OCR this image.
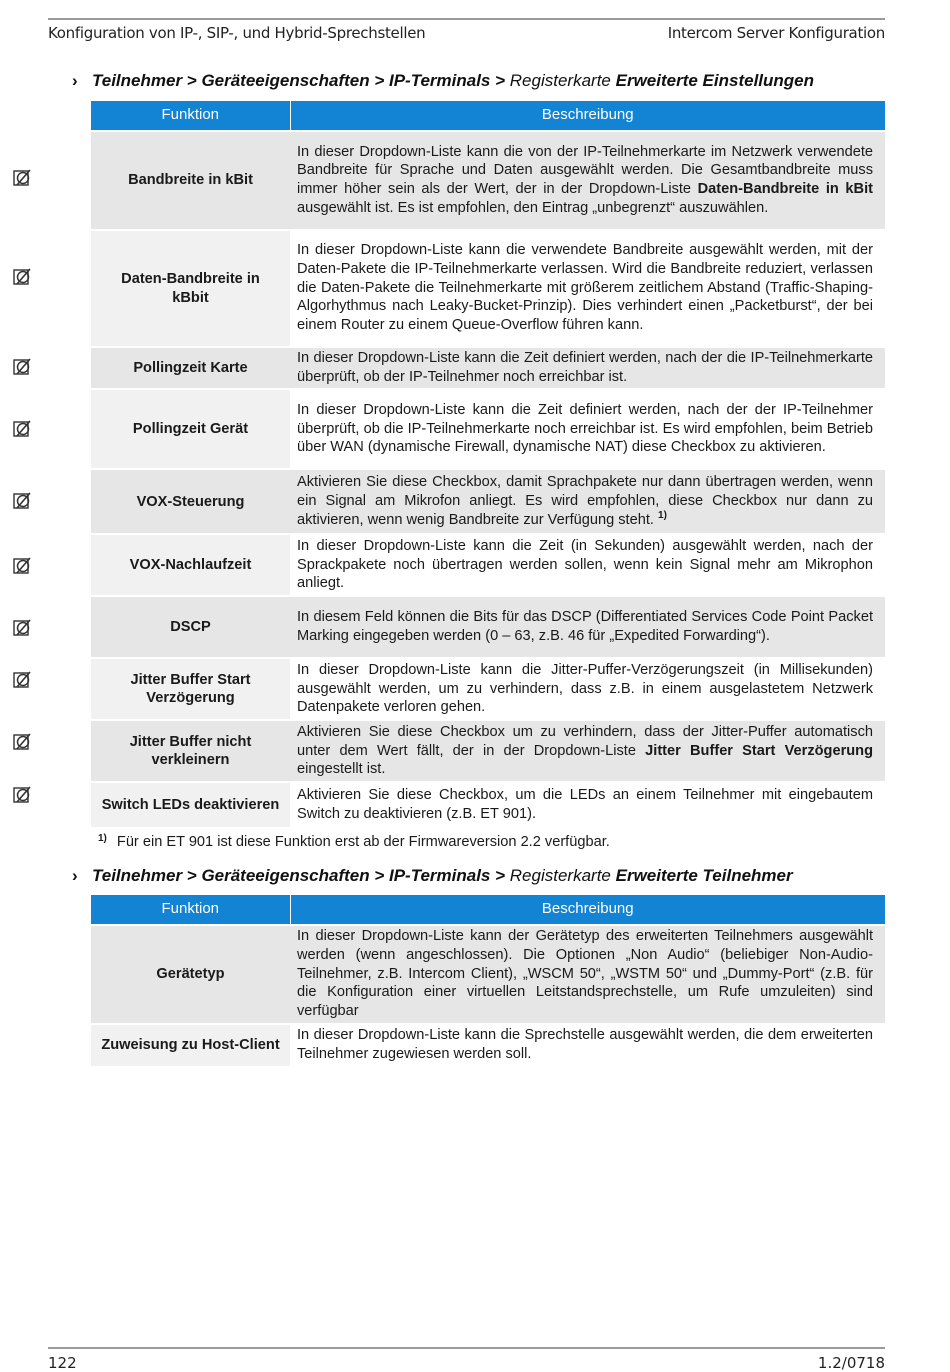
Konfiguration von IP-, SIP-, und Hybrid-Sprechstellen	Intercom Server Konfiguration
› Teilnehmer > Geräteeigenschaften > IP-Terminals > Registerkarte Erweiterte Einstellungen
Funktion	Beschreibung
Bandbreite in kBit	In dieser Dropdown-Liste kann die von der IP-Teilnehmerkarte im Netzwerk verwendete Bandbreite für Sprache und Daten ausgewählt werden. Die Gesamtbandbreite muss immer höher sein als der Wert, der in der Dropdown-Liste Daten-Bandbreite in kBit ausgewählt ist. Es ist empfohlen, den Eintrag „unbegrenzt“ auszuwählen.
Daten-Bandbreite in kBbit	In dieser Dropdown-Liste kann die verwendete Bandbreite ausgewählt werden, mit der Daten-Pakete die IP-Teilnehmerkarte verlassen. Wird die Bandbreite reduziert, verlassen die Daten-Pakete die Teilnehmerkarte mit größerem zeitlichem Abstand (Traffic-Shaping-Algorhythmus nach Leaky-Bucket-Prinzip). Dies verhindert einen „Packetburst“, der bei einem Router zu einem Queue-Overflow führen kann.
Pollingzeit Karte	In dieser Dropdown-Liste kann die Zeit definiert werden, nach der die IP-Teilnehmerkarte überprüft, ob der IP-Teilnehmer noch erreichbar ist.
Pollingzeit Gerät	In dieser Dropdown-Liste kann die Zeit definiert werden, nach der der IP-Teilnehmer überprüft, ob die IP-Teilnehmerkarte noch erreichbar ist. Es wird empfohlen, beim Betrieb über WAN (dynamische Firewall, dynamische NAT) diese Checkbox zu aktivieren.
VOX-Steuerung	Aktivieren Sie diese Checkbox, damit Sprachpakete nur dann übertragen werden, wenn ein Signal am Mikrofon anliegt. Es wird empfohlen, diese Checkbox nur dann zu aktivieren, wenn wenig Bandbreite zur Verfügung steht. $^{1)}$
VOX-Nachlaufzeit	In dieser Dropdown-Liste kann die Zeit (in Sekunden) ausgewählt werden, nach der Sprackpakete noch übertragen werden sollen, wenn kein Signal mehr am Mikrophon anliegt.
DSCP	In diesem Feld können die Bits für das DSCP (Differentiated Services Code Point Packet Marking eingegeben werden (0 – 63, z.B. 46 für „Expedited Forwarding“).
Jitter Buffer Start Verzögerung	In dieser Dropdown-Liste kann die Jitter-Puffer-Verzögerungszeit (in Millisekunden) ausgewählt werden, um zu verhindern, dass z.B. in einem ausgelastetem Netzwerk Datenpakete verloren gehen.
Jitter Buffer nicht verkleinern	Aktivieren Sie diese Checkbox um zu verhindern, dass der Jitter-Puffer automatisch unter dem Wert fällt, der in der Dropdown-Liste Jitter Buffer Start Verzögerung eingestellt ist.
Switch LEDs deaktivieren	Aktivieren Sie diese Checkbox, um die LEDs an einem Teilnehmer mit eingebautem Switch zu deaktivieren (z.B. ET 901).
$^{1)}$ Für ein ET 901 ist diese Funktion erst ab der Firmwareversion 2.2 verfügbar.
› Teilnehmer > Geräteeigenschaften > IP-Terminals > Registerkarte Erweiterte Teilnehmer
Funktion	Beschreibung
Gerätetyp	In dieser Dropdown-Liste kann der Gerätetyp des erweiterten Teilnehmers ausgewählt werden (wenn angeschlossen). Die Optionen „Non Audio“ (beliebiger Non-Audio-Teilnehmer, z.B. Intercom Client), „WSCM 50“, „WSTM 50“ und „Dummy-Port“ (z.B. für die Konfiguration einer virtuellen Leitstandsprechstelle, um Rufe umzuleiten) sind verfügbar
Zuweisung zu Host-Client	In dieser Dropdown-Liste kann die Sprechstelle ausgewählt werden, die dem erweiterten Teilnehmer zugewiesen werden soll.
122	1.2/0718
